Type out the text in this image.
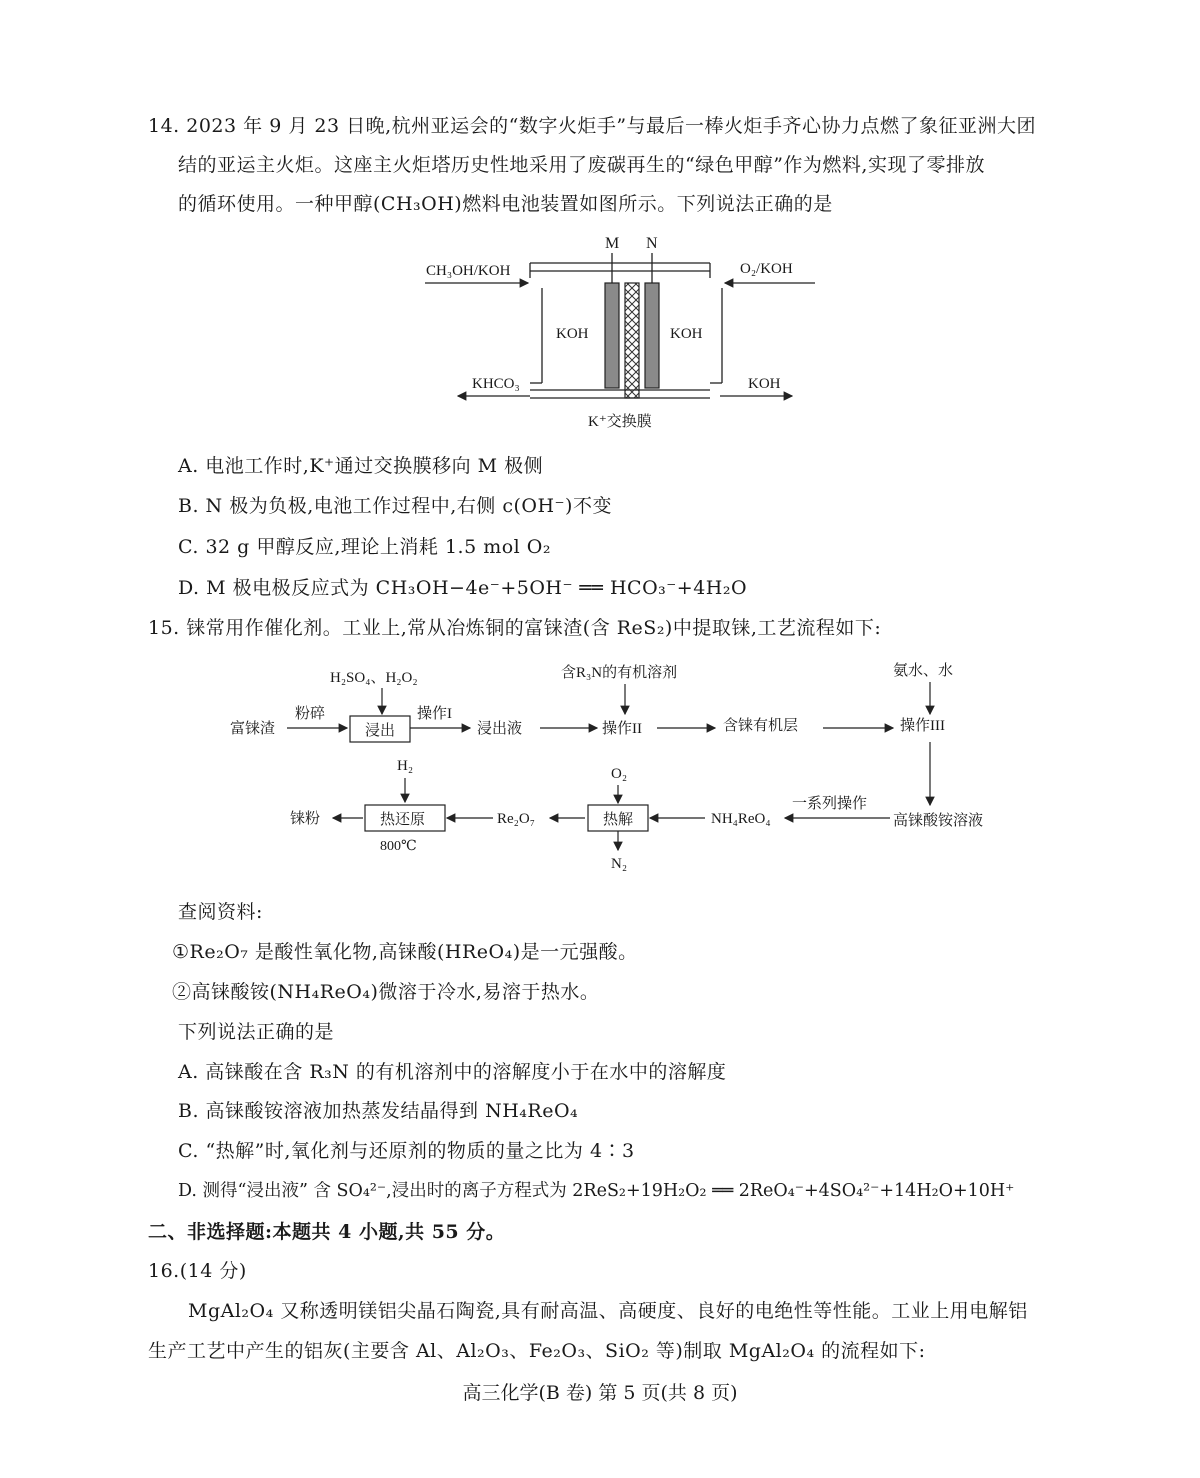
14. 2023 年 9 月 23 日晚,杭州亚运会的“数字火炬手”与最后一棒火炬手齐心协力点燃了象征亚洲大团
结的亚运主火炬。这座主火炬塔历史性地采用了废碳再生的“绿色甲醇”作为燃料,实现了零排放
的循环使用。一种甲醇(CH₃OH)燃料电池装置如图所示。下列说法正确的是
M N
CH₃OH/KOH	O₂/KOH
KOH	KOH
KHCO₃	KOH
K⁺交换膜
A. 电池工作时,K⁺通过交换膜移向 M 极侧
B. N 极为负极,电池工作过程中,右侧 c(OH⁻)不变
C. 32 g 甲醇反应,理论上消耗 1.5 mol O₂
D. M 极电极反应式为 CH₃OH−4e⁻+5OH⁻ ══ HCO₃⁻+4H₂O
15. 铼常用作催化剂。工业上,常从冶炼铜的富铼渣(含 ReS₂)中提取铼,工艺流程如下:
富铼渣
粉碎
H₂SO₄、H₂O₂
浸出
操作I
浸出液
含R₃N的有机溶剂
操作II	含铼有机层
氨水、水
操作III
高铼酸铵溶液
一系列操作
NH₄ReO₄
O₂
热解
N₂
Re₂O₇
H₂
热还原
800℃
铼粉
查阅资料:
①Re₂O₇ 是酸性氧化物,高铼酸(HReO₄)是一元强酸。
②高铼酸铵(NH₄ReO₄)微溶于冷水,易溶于热水。
下列说法正确的是
A. 高铼酸在含 R₃N 的有机溶剂中的溶解度小于在水中的溶解度
B. 高铼酸铵溶液加热蒸发结晶得到 NH₄ReO₄
C. “热解”时,氧化剂与还原剂的物质的量之比为 4∶3
D. 测得“浸出液” 含 SO₄²⁻,浸出时的离子方程式为 2ReS₂+19H₂O₂ ══ 2ReO₄⁻+4SO₄²⁻+14H₂O+10H⁺
二、非选择题:本题共 4 小题,共 55 分。
16.(14 分)
MgAl₂O₄ 又称透明镁铝尖晶石陶瓷,具有耐高温、高硬度、良好的电绝性等性能。工业上用电解铝
生产工艺中产生的铝灰(主要含 Al、Al₂O₃、Fe₂O₃、SiO₂ 等)制取 MgAl₂O₄ 的流程如下:
高三化学(B 卷) 第 5 页(共 8 页)
